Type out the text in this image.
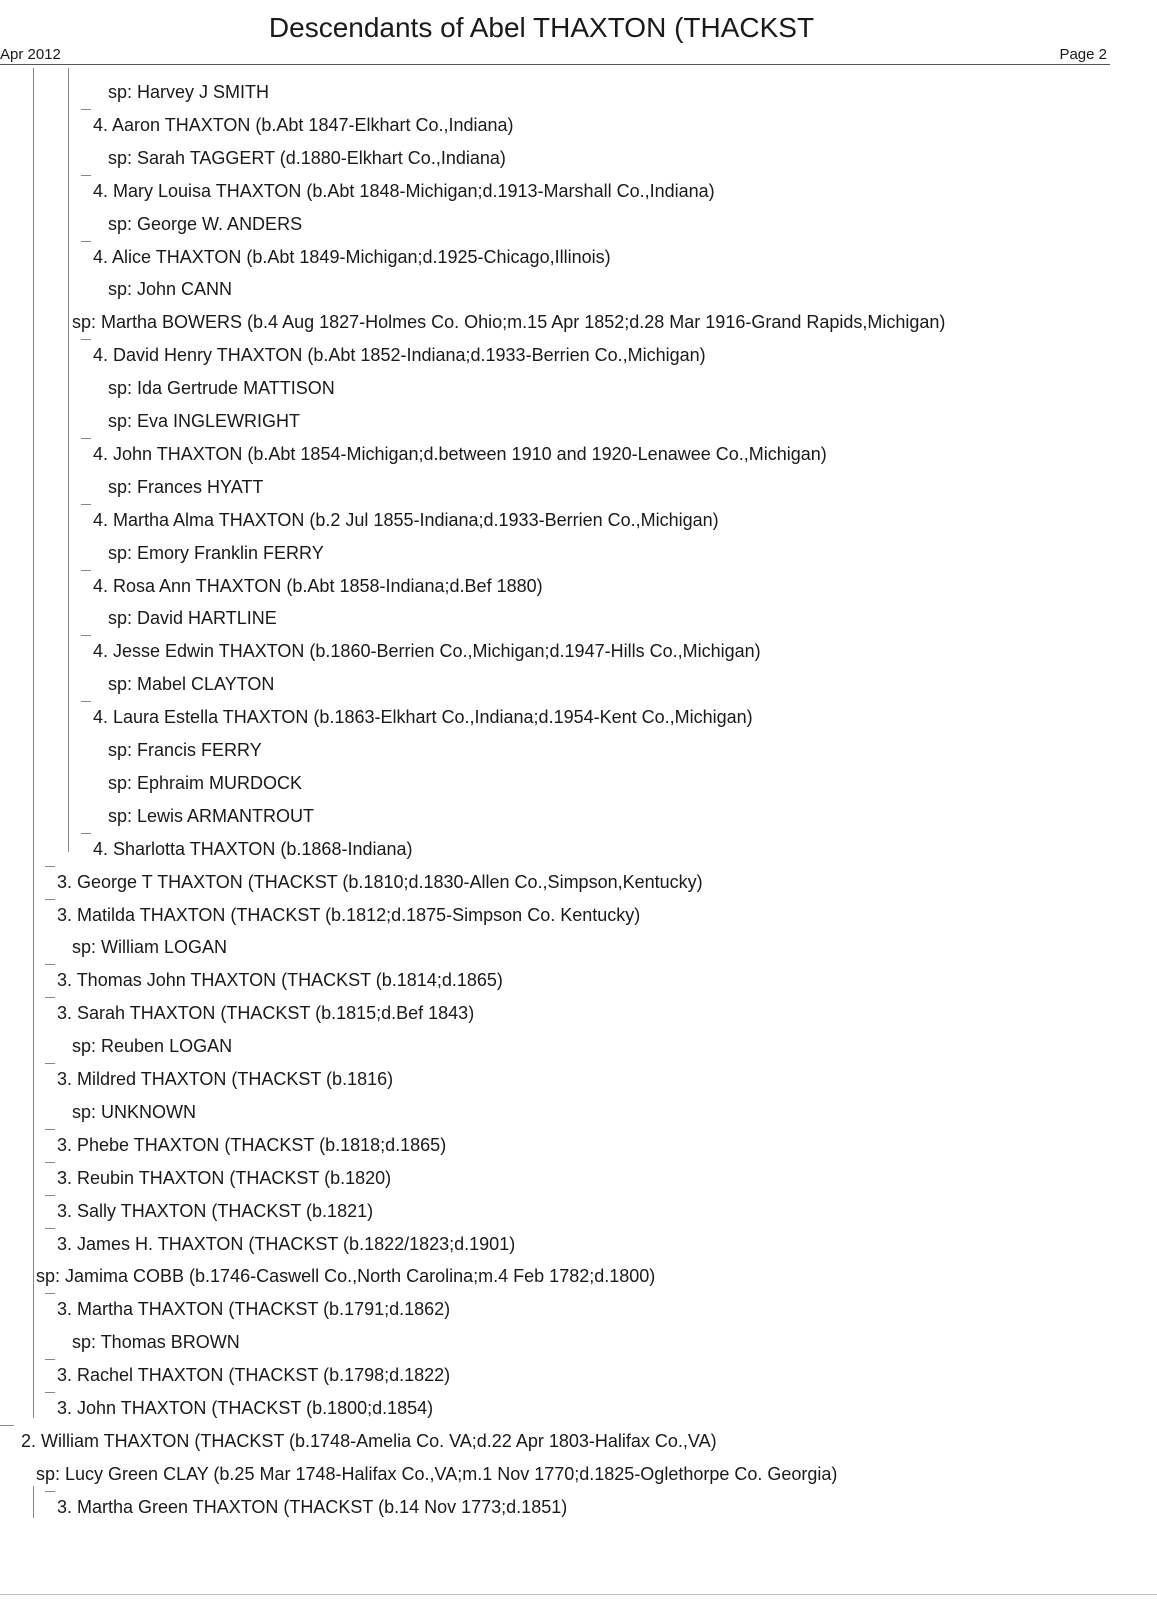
Descendants of Abel THAXTON (THACKST
Apr 2012	Page 2
sp: Harvey J SMITH
4. Aaron THAXTON (b.Abt 1847-Elkhart Co.,Indiana)
sp: Sarah TAGGERT (d.1880-Elkhart Co.,Indiana)
4. Mary Louisa THAXTON (b.Abt 1848-Michigan;d.1913-Marshall Co.,Indiana)
sp: George W. ANDERS
4. Alice THAXTON (b.Abt 1849-Michigan;d.1925-Chicago,Illinois)
sp: John CANN
sp: Martha BOWERS (b.4 Aug 1827-Holmes Co. Ohio;m.15 Apr 1852;d.28 Mar 1916-Grand Rapids,Michigan)
4. David Henry THAXTON (b.Abt 1852-Indiana;d.1933-Berrien Co.,Michigan)
sp: Ida Gertrude MATTISON
sp: Eva INGLEWRIGHT
4. John THAXTON (b.Abt 1854-Michigan;d.between 1910 and 1920-Lenawee Co.,Michigan)
sp: Frances HYATT
4. Martha Alma THAXTON (b.2 Jul 1855-Indiana;d.1933-Berrien Co.,Michigan)
sp: Emory Franklin FERRY
4. Rosa Ann THAXTON (b.Abt 1858-Indiana;d.Bef 1880)
sp: David HARTLINE
4. Jesse Edwin THAXTON (b.1860-Berrien Co.,Michigan;d.1947-Hills Co.,Michigan)
sp: Mabel CLAYTON
4. Laura Estella THAXTON (b.1863-Elkhart Co.,Indiana;d.1954-Kent Co.,Michigan)
sp: Francis FERRY
sp: Ephraim MURDOCK
sp: Lewis ARMANTROUT
4. Sharlotta THAXTON (b.1868-Indiana)
3. George T THAXTON (THACKST (b.1810;d.1830-Allen Co.,Simpson,Kentucky)
3. Matilda THAXTON (THACKST (b.1812;d.1875-Simpson Co. Kentucky)
sp: William LOGAN
3. Thomas John THAXTON (THACKST (b.1814;d.1865)
3. Sarah THAXTON (THACKST (b.1815;d.Bef 1843)
sp: Reuben LOGAN
3. Mildred THAXTON (THACKST (b.1816)
sp: UNKNOWN
3. Phebe THAXTON (THACKST (b.1818;d.1865)
3. Reubin THAXTON (THACKST (b.1820)
3. Sally THAXTON (THACKST (b.1821)
3. James H. THAXTON (THACKST (b.1822/1823;d.1901)
sp: Jamima COBB (b.1746-Caswell Co.,North Carolina;m.4 Feb 1782;d.1800)
3. Martha THAXTON (THACKST (b.1791;d.1862)
sp: Thomas BROWN
3. Rachel THAXTON (THACKST (b.1798;d.1822)
3. John THAXTON (THACKST (b.1800;d.1854)
2. William THAXTON (THACKST (b.1748-Amelia Co. VA;d.22 Apr 1803-Halifax Co.,VA)
sp: Lucy Green CLAY (b.25 Mar 1748-Halifax Co.,VA;m.1 Nov 1770;d.1825-Oglethorpe Co. Georgia)
3. Martha Green THAXTON (THACKST (b.14 Nov 1773;d.1851)
